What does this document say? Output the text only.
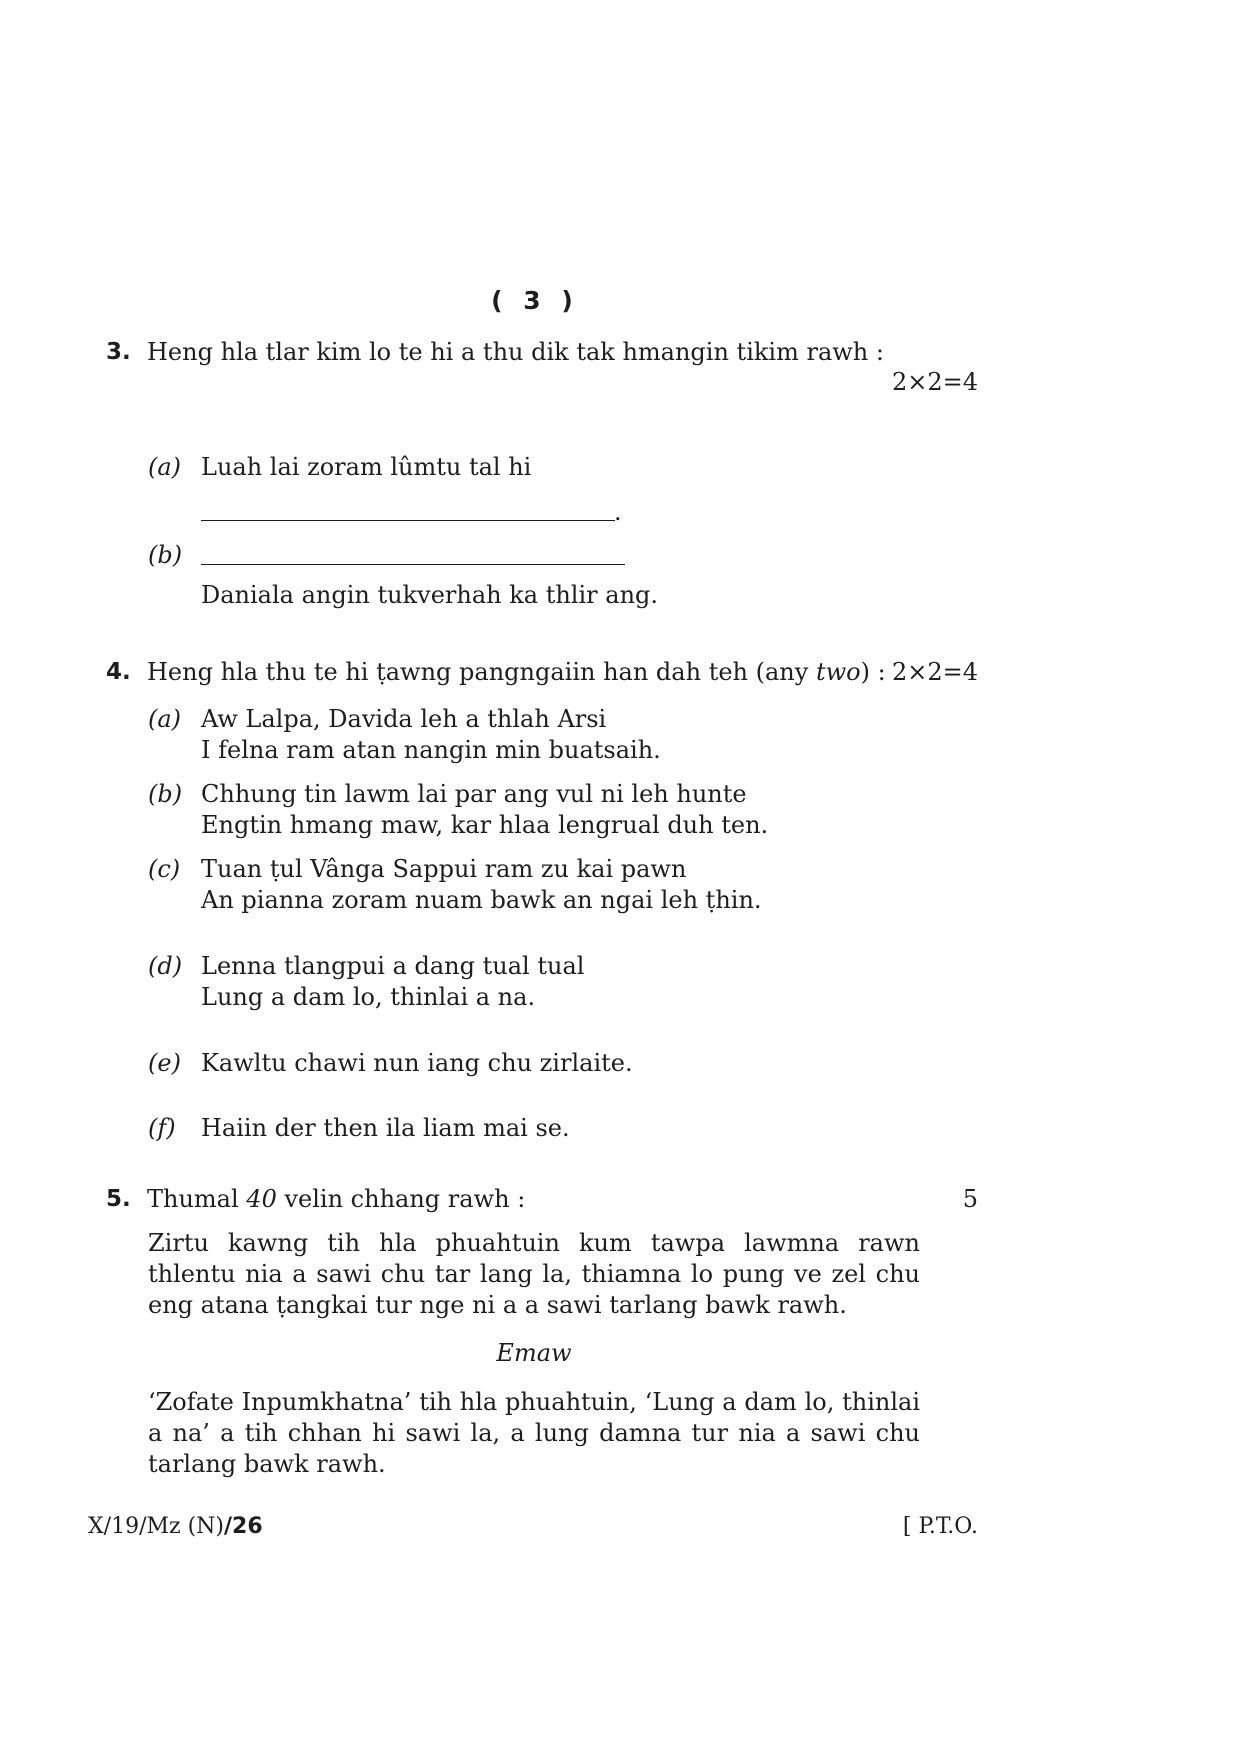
( 3 )
3. Heng hla tlar kim lo te hi a thu dik tak hmangin tikim rawh :
2×2=4
(a) Luah lai zoram lûmtu tal hi
.
(b)
Daniala angin tukverhah ka thlir ang.
4. Heng hla thu te hi ṭawng pangngaiin han dah teh (any two) : 2×2=4
(a) Aw Lalpa, Davida leh a thlah Arsi
I felna ram atan nangin min buatsaih.
(b) Chhung tin lawm lai par ang vul ni leh hunte
Engtin hmang maw, kar hlaa lengrual duh ten.
(c) Tuan ṭul Vânga Sappui ram zu kai pawn
An pianna zoram nuam bawk an ngai leh ṭhin.
(d) Lenna tlangpui a dang tual tual
Lung a dam lo, thinlai a na.
(e) Kawltu chawi nun iang chu zirlaite.
(f) Haiin der then ila liam mai se.
5. Thumal 40 velin chhang rawh :	5
Zirtu kawng tih hla phuahtuin kum tawpa lawmna rawn thlentu nia a sawi chu tar lang la, thiamna lo pung ve zel chu eng atana ṭangkai tur nge ni a a sawi tarlang bawk rawh.
Emaw
‘Zofate Inpumkhatna’ tih hla phuahtuin, ‘Lung a dam lo, thinlai a na’ a tih chhan hi sawi la, a lung damna tur nia a sawi chu tarlang bawk rawh.
X/19/Mz (N)/26	[ P.T.O.
